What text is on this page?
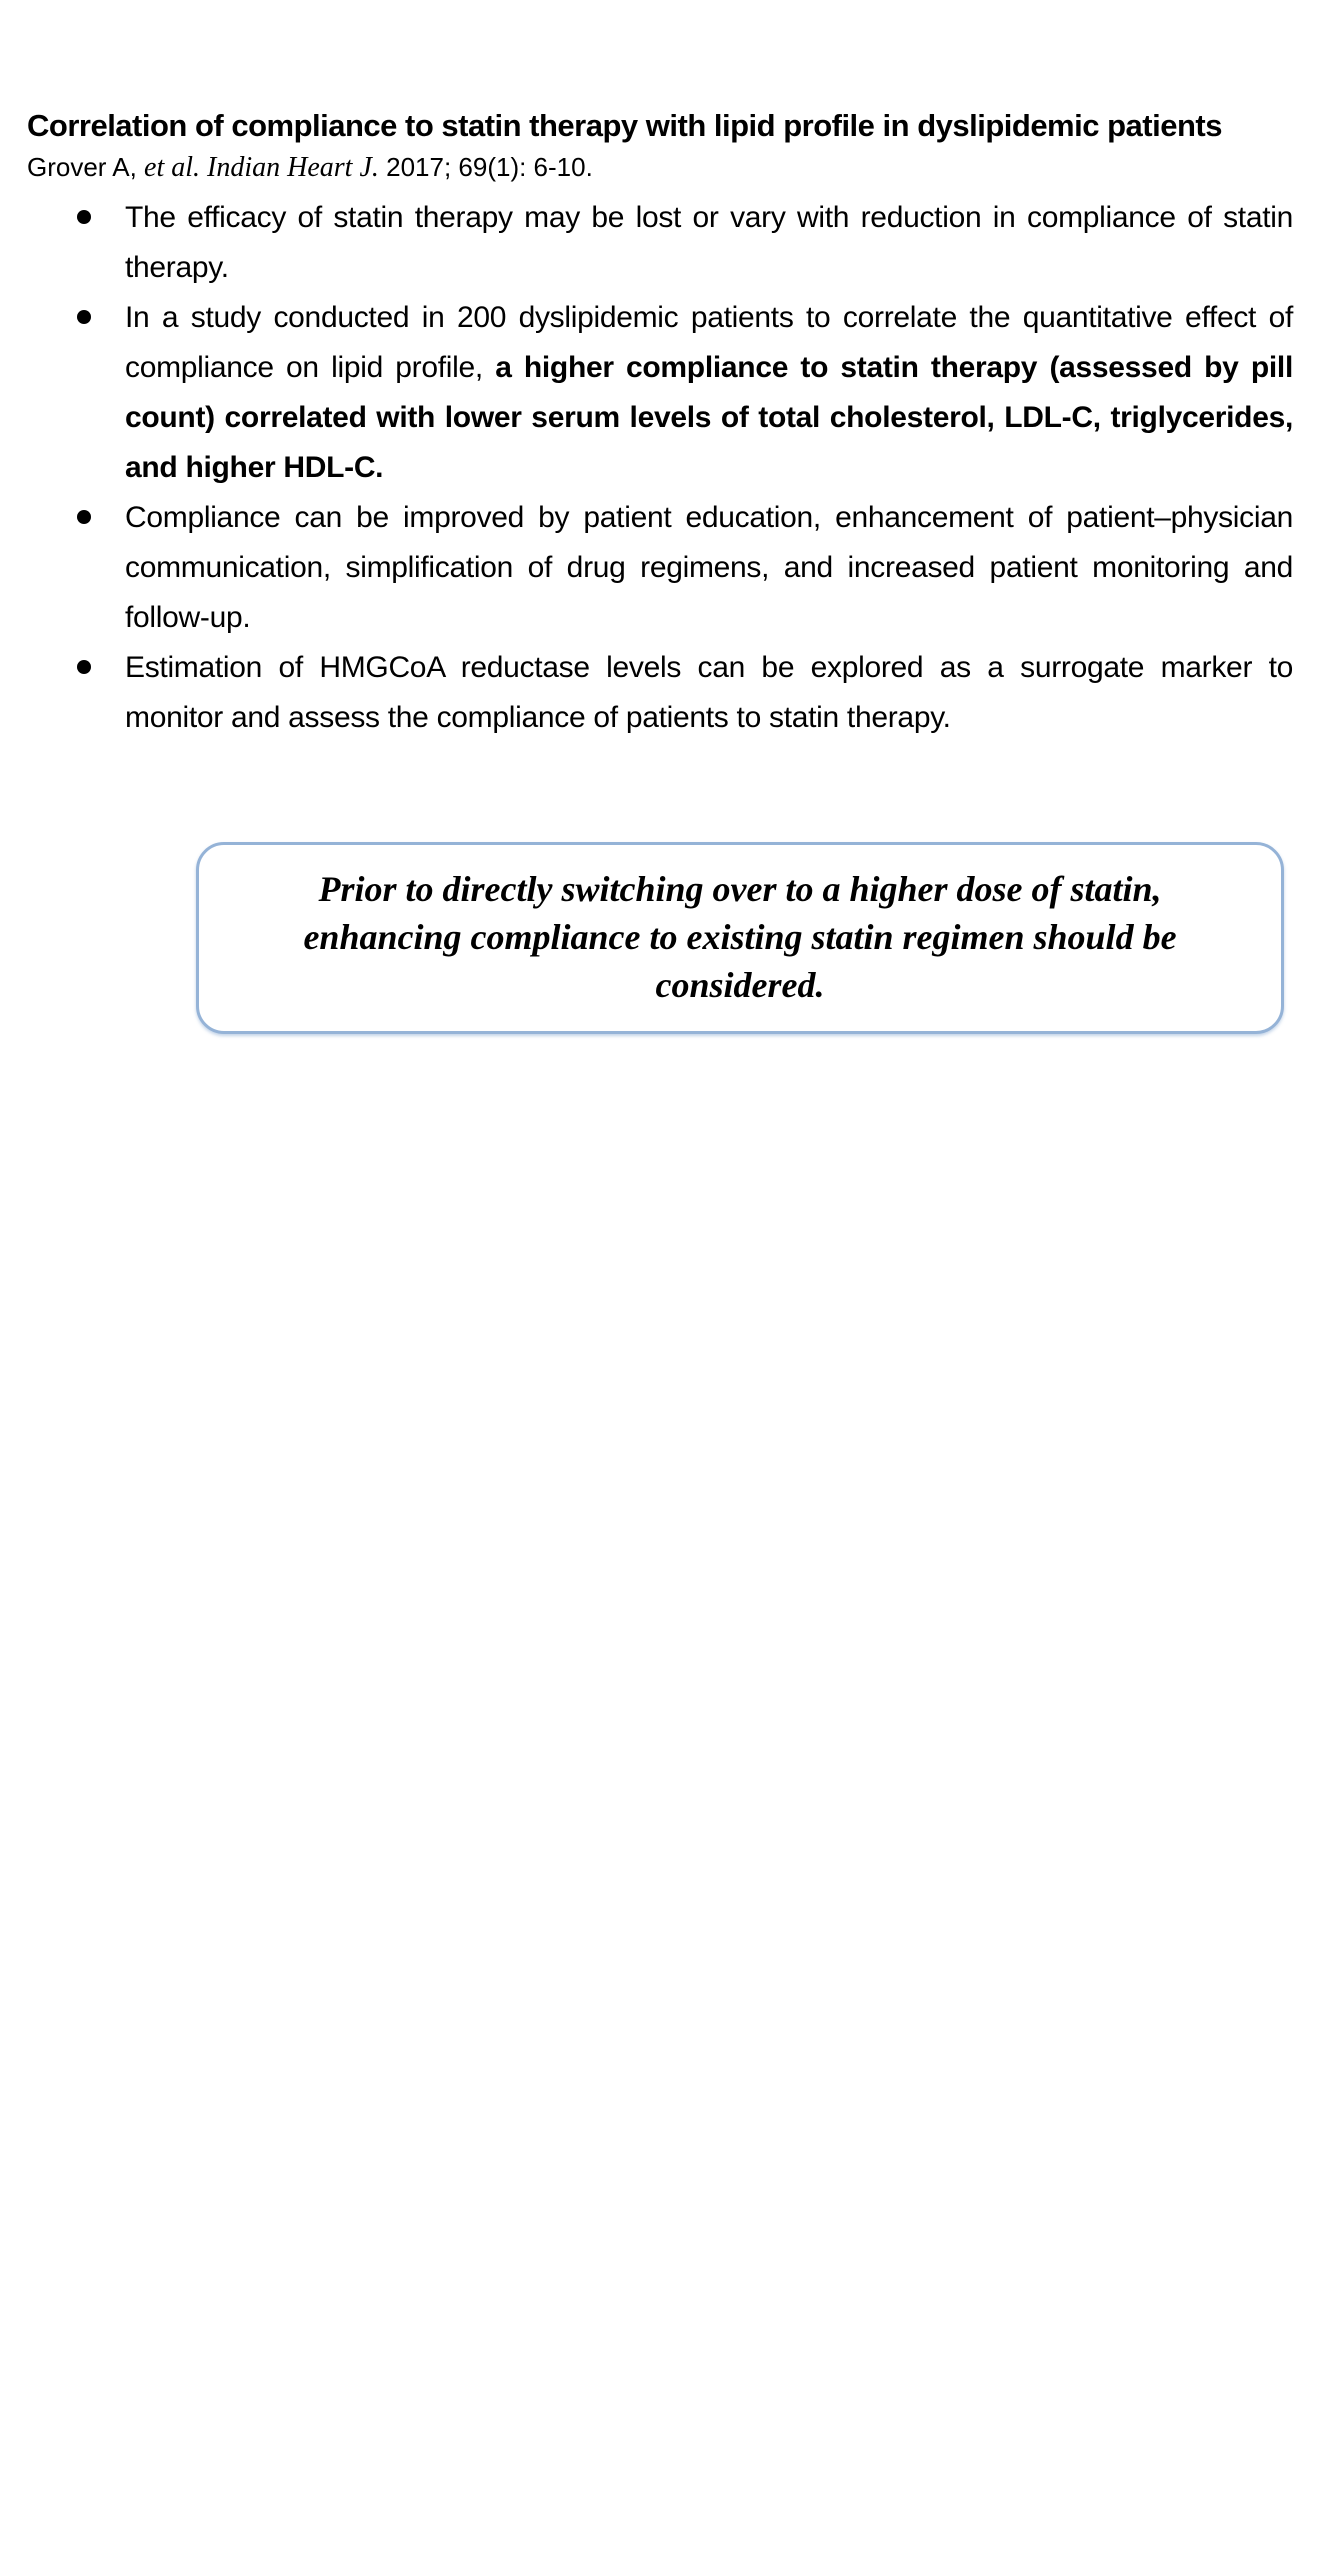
Correlation of compliance to statin therapy with lipid profile in dyslipidemic patients
Grover A, et al. Indian Heart J. 2017; 69(1): 6-10.
The efficacy of statin therapy may be lost or vary with reduction in compliance of statin therapy.
In a study conducted in 200 dyslipidemic patients to correlate the quantitative effect of compliance on lipid profile, a higher compliance to statin therapy (assessed by pill count) correlated with lower serum levels of total cholesterol, LDL-C, triglycerides, and higher HDL-C.
Compliance can be improved by patient education, enhancement of patient–physician communication, simplification of drug regimens, and increased patient monitoring and follow-up.
Estimation of HMGCoA reductase levels can be explored as a surrogate marker to monitor and assess the compliance of patients to statin therapy.
Prior to directly switching over to a higher dose of statin, enhancing compliance to existing statin regimen should be considered.
